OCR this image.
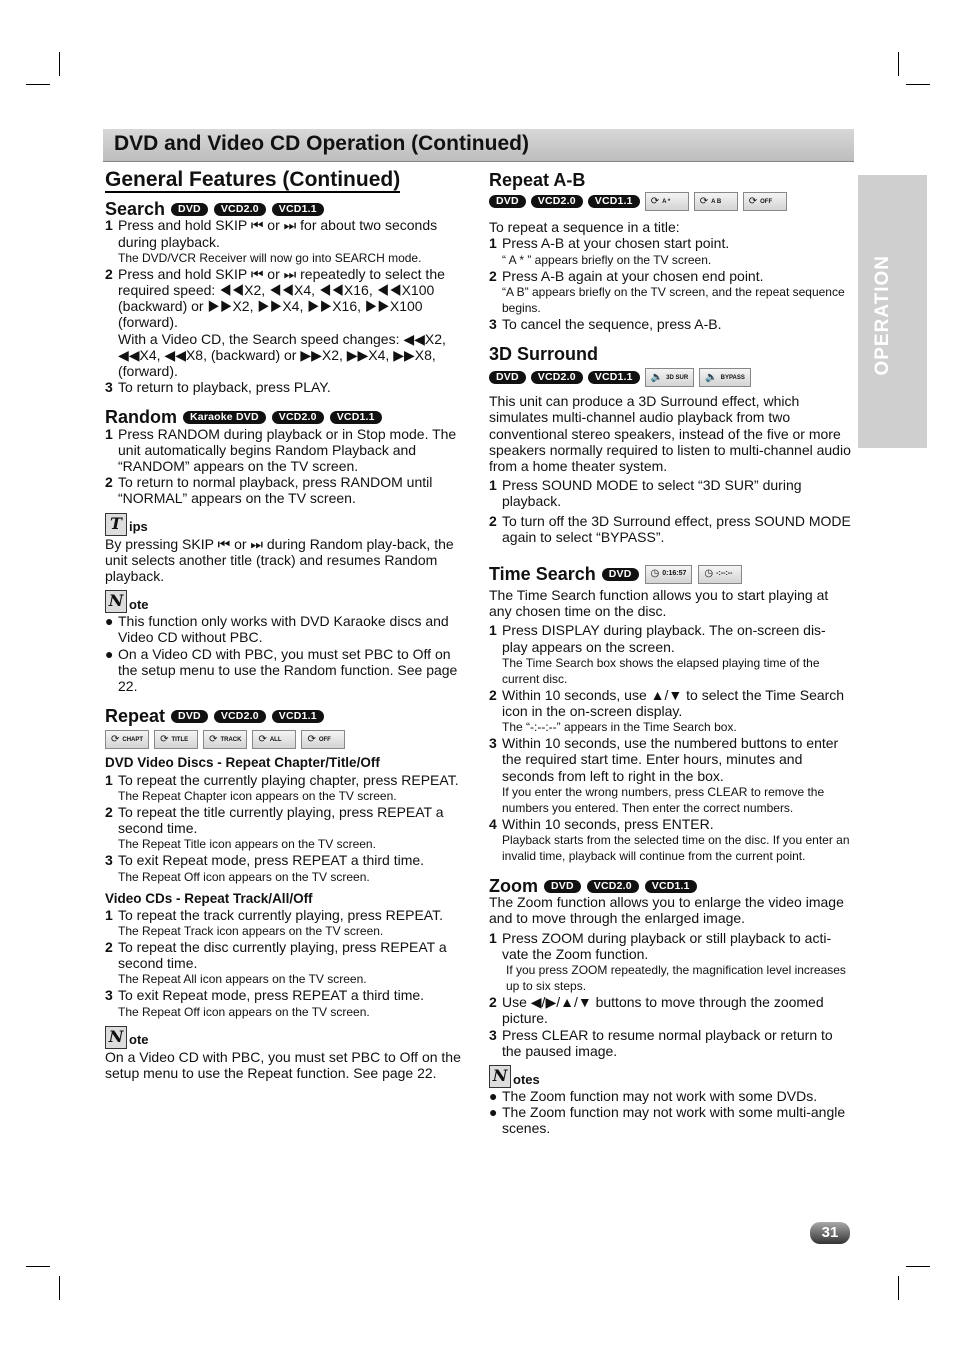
DVD and Video CD Operation (Continued)
OPERATION
General Features (Continued)
Search	DVD	VCD2.0	VCD1.1
1 Press and hold SKIP ⏮ or ⏭ for about two seconds during playback.
The DVD/VCR Receiver will now go into SEARCH mode.
2 Press and hold SKIP ⏮ or ⏭ repeatedly to select the required speed: ◀◀X2, ◀◀X4, ◀◀X16, ◀◀X100 (backward) or ▶▶X2, ▶▶X4, ▶▶X16, ▶▶X100 (forward).
With a Video CD, the Search speed changes: ◀◀X2, ◀◀X4, ◀◀X8, (backward) or ▶▶X2, ▶▶X4, ▶▶X8, (forward).
3 To return to playback, press PLAY.
Random	Karaoke DVD	VCD2.0	VCD1.1
1 Press RANDOM during playback or in Stop mode. The unit automatically begins Random Playback and “RANDOM” appears on the TV screen.
2 To return to normal playback, press RANDOM until “NORMAL” appears on the TV screen.
T ips

By pressing SKIP ⏮ or ⏭ during Random play-back, the unit selects another title (track) and resumes Random playback.

N ote
● This function only works with DVD Karaoke discs and Video CD without PBC.
● On a Video CD with PBC, you must set PBC to Off on the setup menu to use the Random function. See page 22.
Repeat	DVD	VCD2.0	VCD1.1
⟳ CHAPT ⟳ TITLE ⟳ TRACK ⟳ ALL	⟳ OFF
DVD Video Discs - Repeat Chapter/Title/Off
1 To repeat the currently playing chapter, press REPEAT.
The Repeat Chapter icon appears on the TV screen.
2 To repeat the title currently playing, press REPEAT a second time.
The Repeat Title icon appears on the TV screen.
3 To exit Repeat mode, press REPEAT a third time.
The Repeat Off icon appears on the TV screen.
Video CDs - Repeat Track/All/Off
1 To repeat the track currently playing, press REPEAT.
The Repeat Track icon appears on the TV screen.
2 To repeat the disc currently playing, press REPEAT a second time.
The Repeat All icon appears on the TV screen.
3 To exit Repeat mode, press REPEAT a third time.
The Repeat Off icon appears on the TV screen.
N ote

On a Video CD with PBC, you must set PBC to Off on the setup menu to use the Repeat function. See page 22.

Repeat A-B
DVD	VCD2.0	VCD1.1	⟳ A *	⟳ A B	⟳ OFF

To repeat a sequence in a title:

1 Press A-B at your chosen start point.
“ A * ” appears briefly on the TV screen.
2 Press A-B again at your chosen end point.
“A B” appears briefly on the TV screen, and the repeat sequence begins.
3 To cancel the sequence, press A-B.
3D Surround
DVD	VCD2.0	VCD1.1	🔈 3D SUR 🔈 BYPASS

This unit can produce a 3D Surround effect, which simulates multi-channel audio playback from two conventional stereo speakers, instead of the five or more speakers normally required to listen to multi-channel audio from a home theater system.

1 Press SOUND MODE to select “3D SUR” during playback.
2 To turn off the 3D Surround effect, press SOUND MODE again to select “BYPASS”.
Time Search	DVD	◷ 0:16:57 ◷ -:--:--

The Time Search function allows you to start playing at any chosen time on the disc.

1 Press DISPLAY during playback. The on-screen dis-play appears on the screen.
The Time Search box shows the elapsed playing time of the current disc.
2 Within 10 seconds, use ▲/▼ to select the Time Search icon in the on-screen display.
The “-:--:--” appears in the Time Search box.
3 Within 10 seconds, use the numbered buttons to enter the required start time. Enter hours, minutes and seconds from left to right in the box.
If you enter the wrong numbers, press CLEAR to remove the numbers you entered. Then enter the correct numbers.
4 Within 10 seconds, press ENTER.
Playback starts from the selected time on the disc. If you enter an invalid time, playback will continue from the current point.
Zoom	DVD	VCD2.0	VCD1.1

The Zoom function allows you to enlarge the video image and to move through the enlarged image.

1 Press ZOOM during playback or still playback to acti-vate the Zoom function.
If you press ZOOM repeatedly, the magnification level increases up to six steps.
2 Use ◀/▶/▲/▼ buttons to move through the zoomed picture.
3 Press CLEAR to resume normal playback or return to the paused image.
N otes
● The Zoom function may not work with some DVDs.
● The Zoom function may not work with some multi-angle scenes.
31
